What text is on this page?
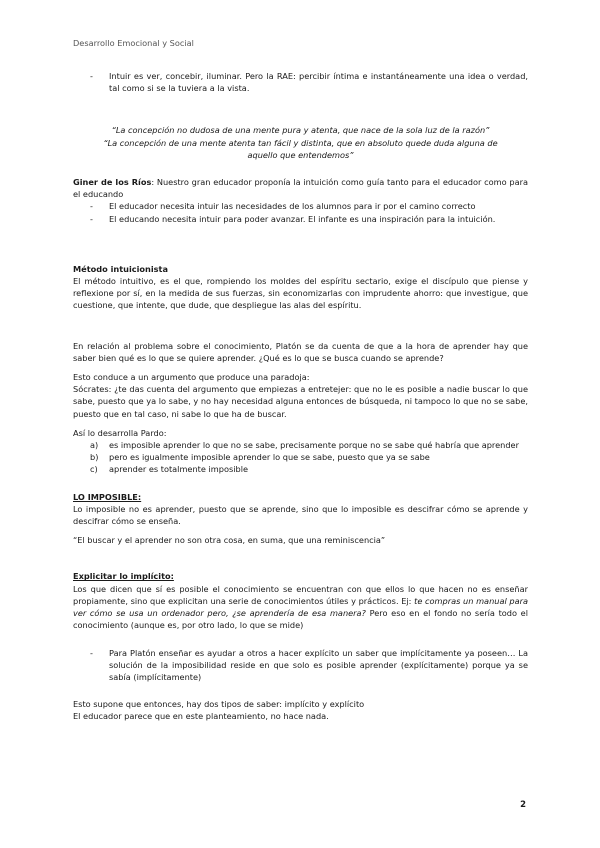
Desarrollo Emocional y Social
- Intuir es ver, concebir, iluminar. Pero la RAE: percibir íntima e instantáneamente una idea o verdad, tal como si se la tuviera a la vista.

“La concepción no dudosa de una mente pura y atenta, que nace de la sola luz de la razón”

“La concepción de una mente atenta tan fácil y distinta, que en absoluto quede duda alguna de aquello que entendemos”

Giner de los Ríos: Nuestro gran educador proponía la intuición como guía tanto para el educador como para el educando

- El educador necesita intuir las necesidades de los alumnos para ir por el camino correcto
- El educando necesita intuir para poder avanzar. El infante es una inspiración para la intuición.

Método intuicionista

El método intuitivo, es el que, rompiendo los moldes del espíritu sectario, exige el discípulo que piense y reflexione por sí, en la medida de sus fuerzas, sin economizarlas con imprudente ahorro: que investigue, que cuestione, que intente, que dude, que despliegue las alas del espíritu.

En relación al problema sobre el conocimiento, Platón se da cuenta de que a la hora de aprender hay que saber bien qué es lo que se quiere aprender. ¿Qué es lo que se busca cuando se aprende?

Esto conduce a un argumento que produce una paradoja:

Sócrates: ¿te das cuenta del argumento que empiezas a entretejer: que no le es posible a nadie buscar lo que sabe, puesto que ya lo sabe, y no hay necesidad alguna entonces de búsqueda, ni tampoco lo que no se sabe, puesto que en tal caso, ni sabe lo que ha de buscar.

Así lo desarrolla Pardo:

a) es imposible aprender lo que no se sabe, precisamente porque no se sabe qué habría que aprender
b) pero es igualmente imposible aprender lo que se sabe, puesto que ya se sabe
c) aprender es totalmente imposible

LO IMPOSIBLE:

Lo imposible no es aprender, puesto que se aprende, sino que lo imposible es descifrar cómo se aprende y descifrar cómo se enseña.

“El buscar y el aprender no son otra cosa, en suma, que una reminiscencia”

Explicitar lo implícito:

Los que dicen que sí es posible el conocimiento se encuentran con que ellos lo que hacen no es enseñar propiamente, sino que explicitan una serie de conocimientos útiles y prácticos. Ej: te compras un manual para ver cómo se usa un ordenador pero, ¿se aprendería de esa manera? Pero eso en el fondo no sería todo el conocimiento (aunque es, por otro lado, lo que se mide)

- Para Platón enseñar es ayudar a otros a hacer explícito un saber que implícitamente ya poseen… La solución de la imposibilidad reside en que solo es posible aprender (explícitamente) porque ya se sabía (implícitamente)

Esto supone que entonces, hay dos tipos de saber: implícito y explícito

El educador parece que en este planteamiento, no hace nada.

2
